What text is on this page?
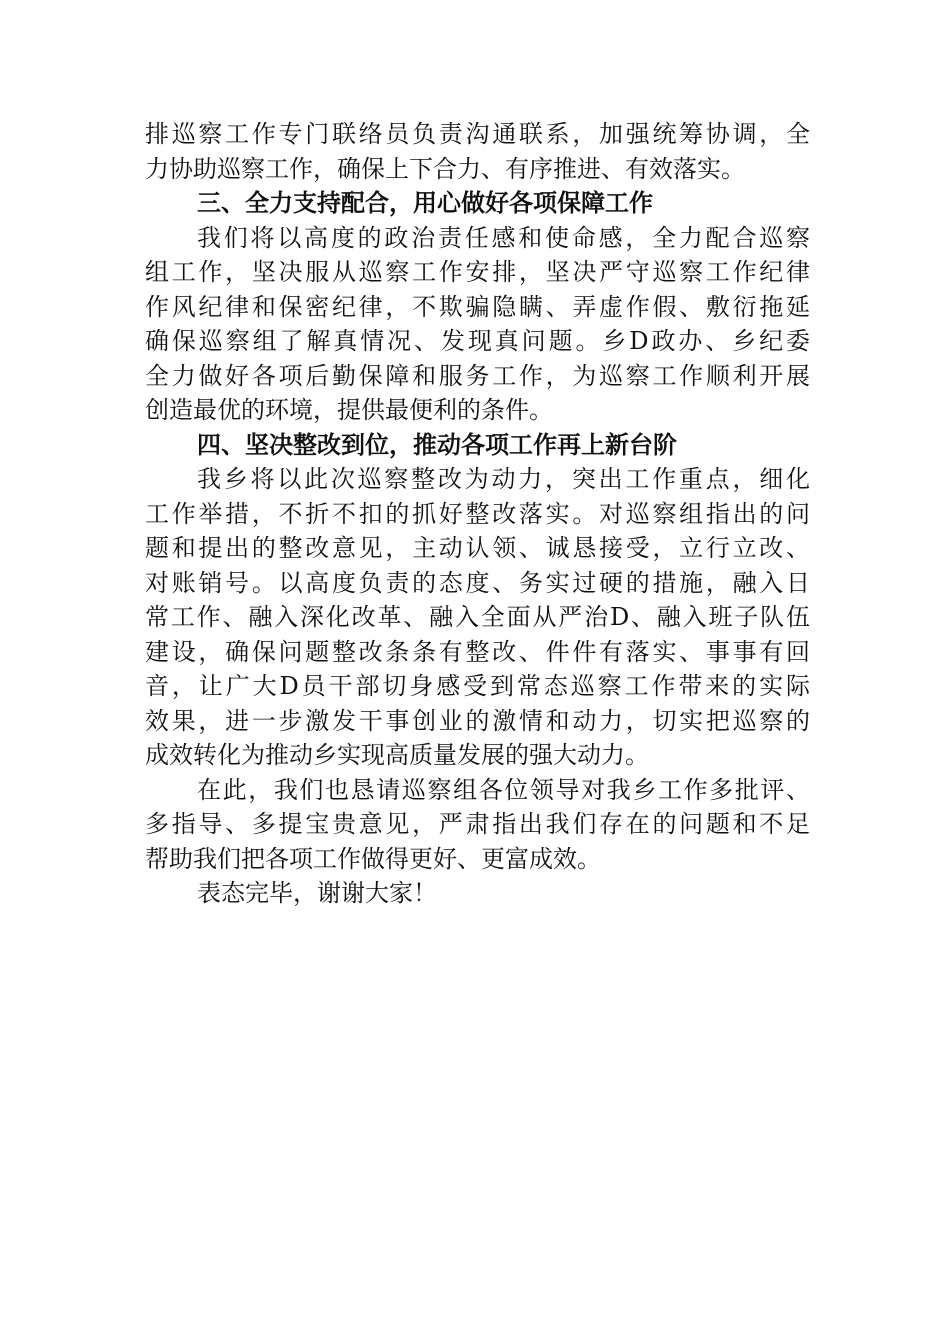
排巡察工作专门联络员负责沟通联系，加强统筹协调，全
力协助巡察工作，确保上下合力、有序推进、有效落实。
三、全力支持配合，用心做好各项保障工作
我们将以高度的政治责任感和使命感，全力配合巡察
组工作，坚决服从巡察工作安排，坚决严守巡察工作纪律
作风纪律和保密纪律，不欺骗隐瞒、弄虚作假、敷衍拖延
确保巡察组了解真情况、发现真问题。乡D政办、乡纪委
全力做好各项后勤保障和服务工作，为巡察工作顺利开展
创造最优的环境，提供最便利的条件。
四、坚决整改到位，推动各项工作再上新台阶
我乡将以此次巡察整改为动力，突出工作重点，细化
工作举措，不折不扣的抓好整改落实。对巡察组指出的问
题和提出的整改意见，主动认领、诚恳接受，立行立改、
对账销号。以高度负责的态度、务实过硬的措施，融入日
常工作、融入深化改革、融入全面从严治D、融入班子队伍
建设，确保问题整改条条有整改、件件有落实、事事有回
音，让广大D员干部切身感受到常态巡察工作带来的实际
效果，进一步激发干事创业的激情和动力，切实把巡察的
成效转化为推动乡实现高质量发展的强大动力。
在此，我们也恳请巡察组各位领导对我乡工作多批评、
多指导、多提宝贵意见，严肃指出我们存在的问题和不足
帮助我们把各项工作做得更好、更富成效。
表态完毕，谢谢大家！
